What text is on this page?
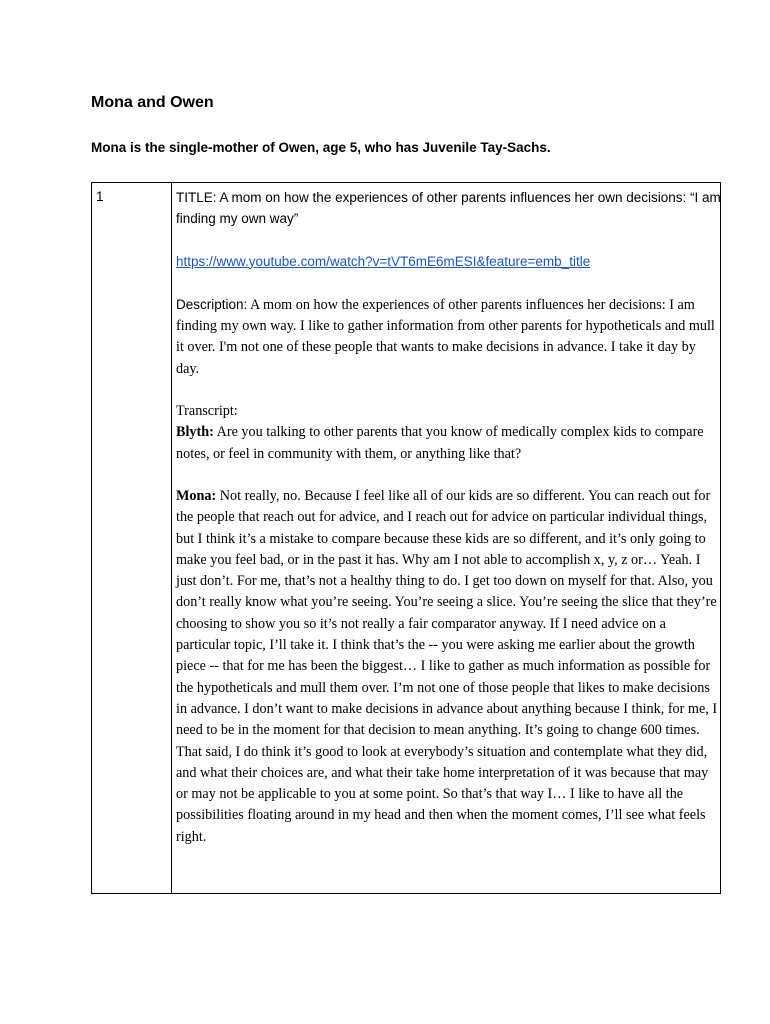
Mona and Owen
Mona is the single-mother of Owen, age 5, who has Juvenile Tay-Sachs.
1	TITLE: A mom on how the experiences of other parents influences her own decisions: “I am finding my own way”

https://www.youtube.com/watch?v=tVT6mE6mESI&feature=emb_title

Description: A mom on how the experiences of other parents influences her decisions: I am finding my own way. I like to gather information from other parents for hypotheticals and mull it over. I'm not one of these people that wants to make decisions in advance. I take it day by day.

Transcript:

Blyth: Are you talking to other parents that you know of medically complex kids to compare notes, or feel in community with them, or anything like that?

Mona: Not really, no. Because I feel like all of our kids are so different. You can reach out for the people that reach out for advice, and I reach out for advice on particular individual things, but I think it’s a mistake to compare because these kids are so different, and it’s only going to make you feel bad, or in the past it has. Why am I not able to accomplish x, y, z or… Yeah. I just don’t. For me, that’s not a healthy thing to do. I get too down on myself for that. Also, you don’t really know what you’re seeing. You’re seeing a slice. You’re seeing the slice that they’re choosing to show you so it’s not really a fair comparator anyway. If I need advice on a particular topic, I’ll take it. I think that’s the -- you were asking me earlier about the growth piece -- that for me has been the biggest… I like to gather as much information as possible for the hypotheticals and mull them over. I’m not one of those people that likes to make decisions in advance. I don’t want to make decisions in advance about anything because I think, for me, I need to be in the moment for that decision to mean anything. It’s going to change 600 times. That said, I do think it’s good to look at everybody’s situation and contemplate what they did, and what their choices are, and what their take home interpretation of it was because that may or may not be applicable to you at some point. So that’s that way I… I like to have all the possibilities floating around in my head and then when the moment comes, I’ll see what feels right.
